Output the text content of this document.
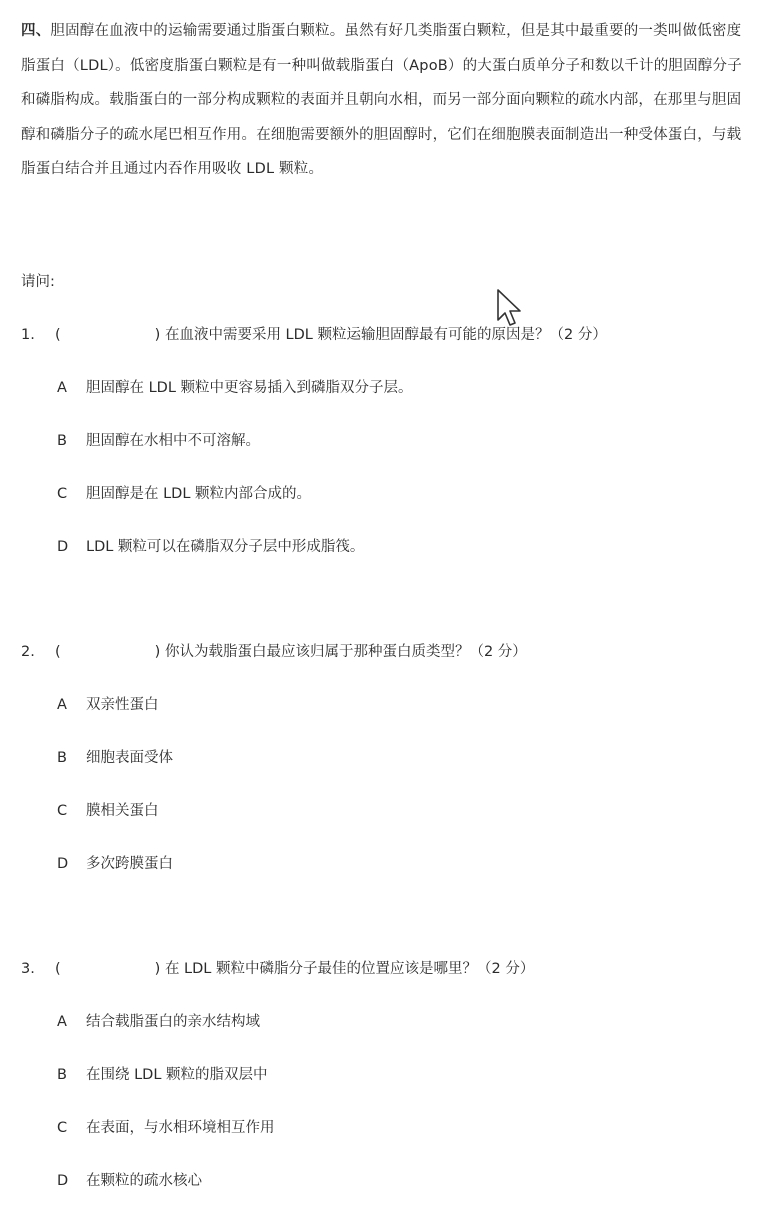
四、胆固醇在血液中的运输需要通过脂蛋白颗粒。虽然有好几类脂蛋白颗粒，但是其中最重要的一类叫做低密度脂蛋白（LDL）。低密度脂蛋白颗粒是有一种叫做载脂蛋白（ApoB）的大蛋白质单分子和数以千计的胆固醇分子和磷脂构成。载脂蛋白的一部分构成颗粒的表面并且朝向水相，而另一部分面向颗粒的疏水内部，在那里与胆固醇和磷脂分子的疏水尾巴相互作用。在细胞需要额外的胆固醇时，它们在细胞膜表面制造出一种受体蛋白，与载脂蛋白结合并且通过内吞作用吸收 LDL 颗粒。

请问:
1. (	) 在血液中需要采用 LDL 颗粒运输胆固醇最有可能的原因是？（2 分）
A 胆固醇在 LDL 颗粒中更容易插入到磷脂双分子层。
B 胆固醇在水相中不可溶解。
C 胆固醇是在 LDL 颗粒内部合成的。
D LDL 颗粒可以在磷脂双分子层中形成脂筏。
2. (	) 你认为载脂蛋白最应该归属于那种蛋白质类型？（2 分）
A 双亲性蛋白
B 细胞表面受体
C 膜相关蛋白
D 多次跨膜蛋白
3. (	) 在 LDL 颗粒中磷脂分子最佳的位置应该是哪里？（2 分）
A 结合载脂蛋白的亲水结构域
B 在围绕 LDL 颗粒的脂双层中
C 在表面，与水相环境相互作用
D 在颗粒的疏水核心
